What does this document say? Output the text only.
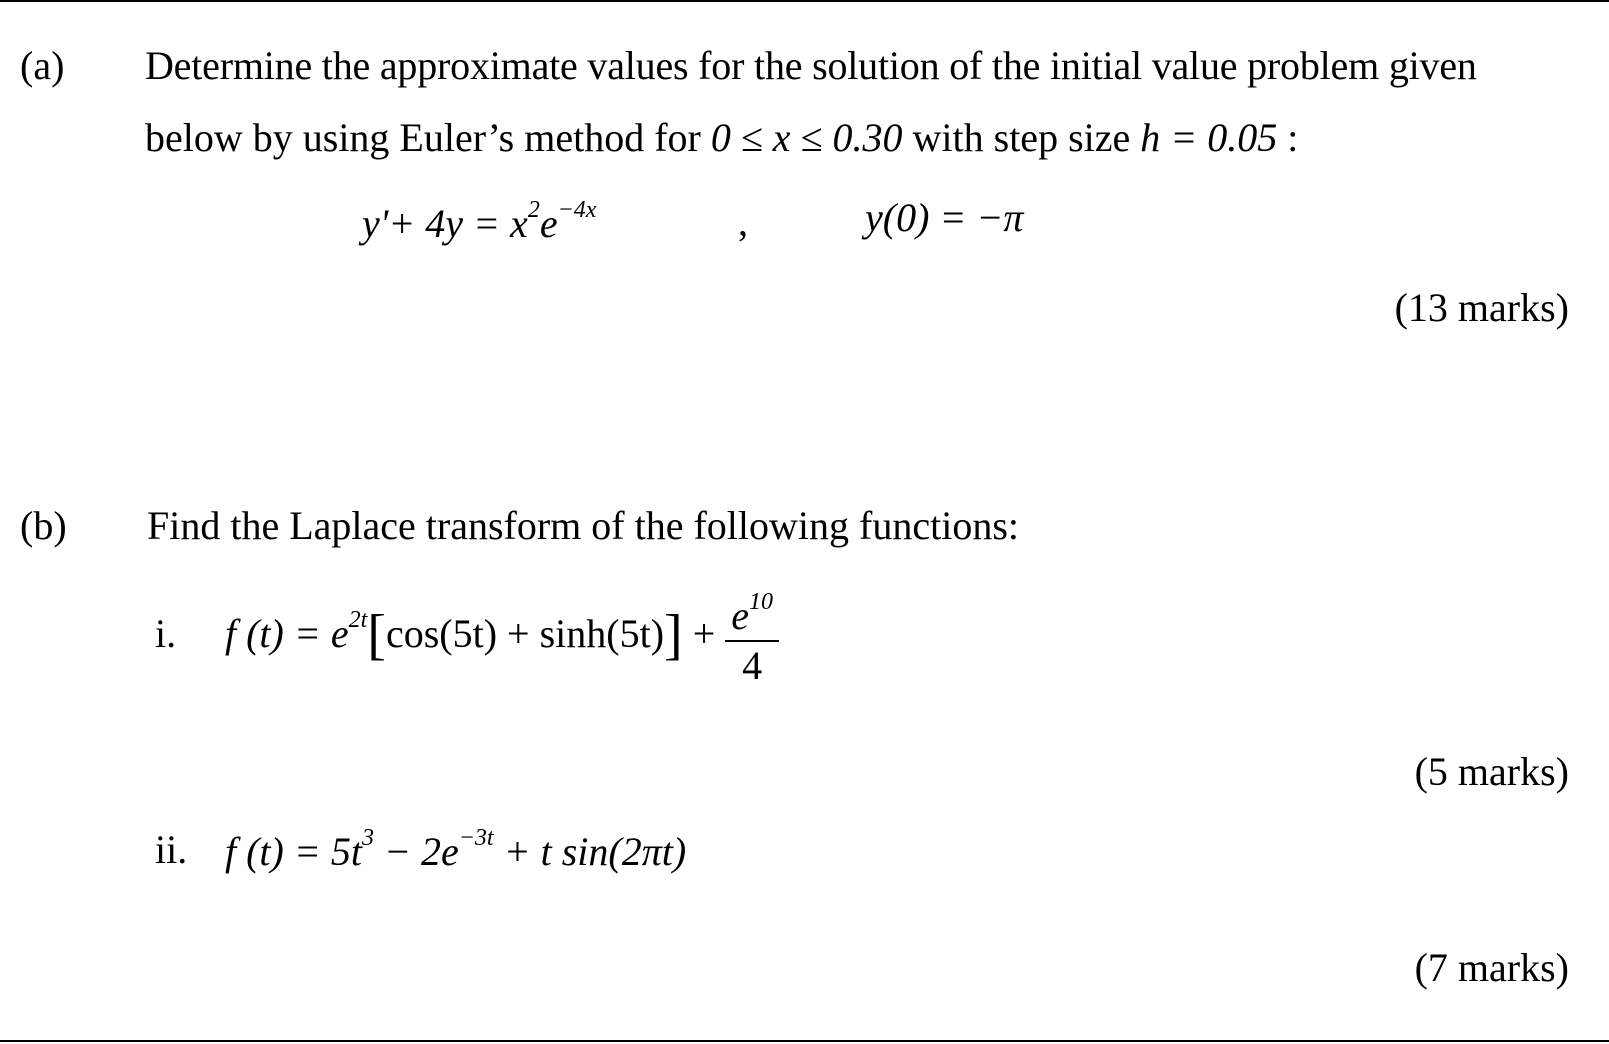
(a) Determine the approximate values for the solution of the initial value problem given
below by using Euler’s method for 0 ≤ x ≤ 0.30 with step size h = 0.05 :
$y'+ 4y = x^2e^{-4x}$	,	y(0) = −π
(13 marks)
(b) Find the Laplace transform of the following functions:
i. f $(t) = e^{2t}[\cos(5t) + \sinh(5t)] + \frac{e^{10}}{4}$
(5 marks)
ii. f $(t) = 5t^3 - 2e^{-3t} + t$ sin(2πt)
(7 marks)
